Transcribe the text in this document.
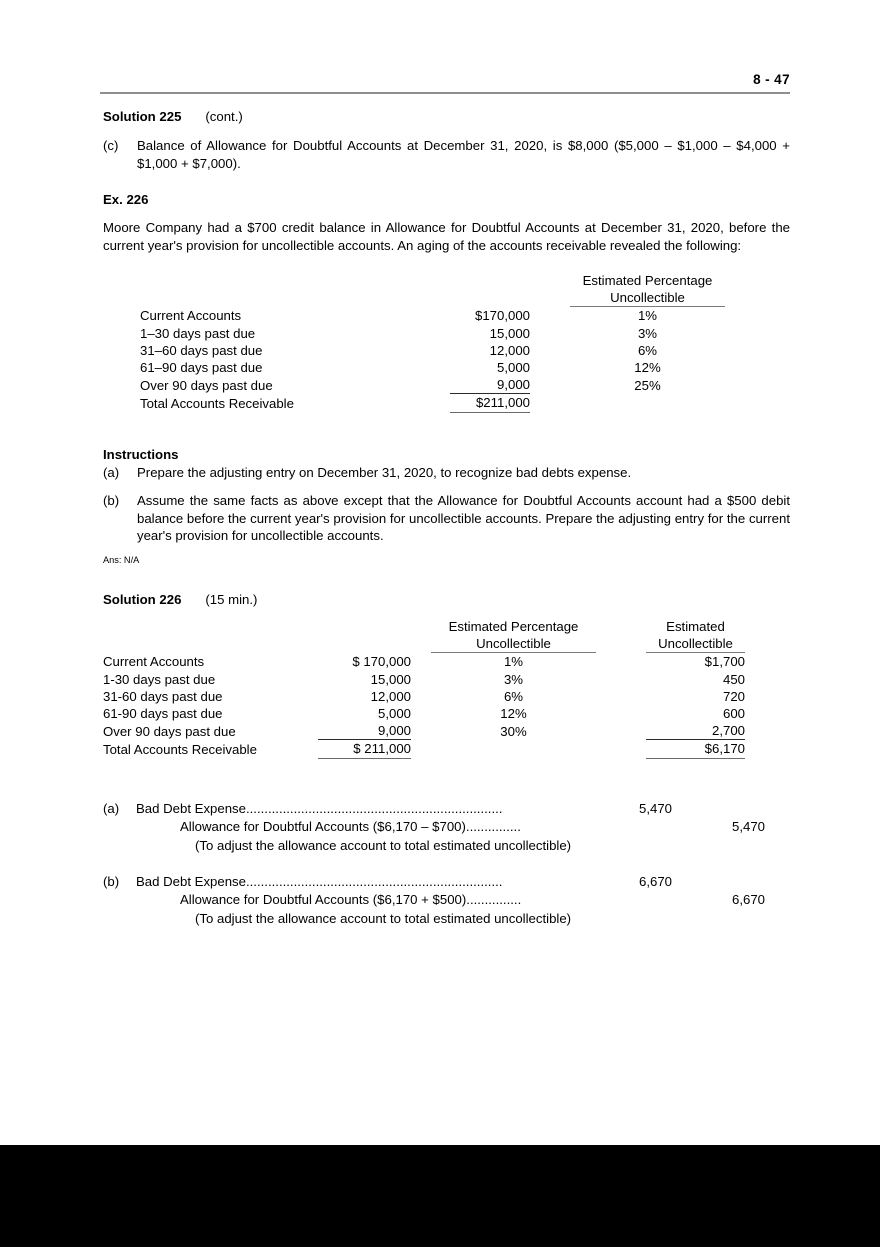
8 - 47
Solution 225 (cont.)
(c) Balance of Allowance for Doubtful Accounts at December 31, 2020, is $8,000 ($5,000 – $1,000 – $4,000 + $1,000 + $7,000).
Ex. 226
Moore Company had a $700 credit balance in Allowance for Doubtful Accounts at December 31, 2020, before the current year's provision for uncollectible accounts. An aging of the accounts receivable revealed the following:
			Estimated Percentage
			Uncollectible
Current Accounts	$170,000		1%
1–30 days past due	15,000		3%
31–60 days past due	12,000		6%
61–90 days past due	5,000		12%
Over 90 days past due	9,000		25%
Total Accounts Receivable	$211,000		
Instructions
(a) Prepare the adjusting entry on December 31, 2020, to recognize bad debts expense.
(b) Assume the same facts as above except that the Allowance for Doubtful Accounts account had a $500 debit balance before the current year's provision for uncollectible accounts. Prepare the adjusting entry for the current year's provision for uncollectible accounts.
Ans: N/A
Solution 226 (15 min.)
			Estimated Percentage		Estimated
			Uncollectible		Uncollectible
Current Accounts	$ 170,000		1%		$1,700
1-30 days past due	15,000		3%		450
31-60 days past due	12,000		6%		720
61-90 days past due	5,000		12%		600
Over 90 days past due	9,000		30%		2,700
Total Accounts Receivable	$ 211,000				$6,170
(a) Bad Debt Expense......................................................................	5,470
Allowance for Doubtful Accounts ($6,170 – $700)...............	5,470
(To adjust the allowance account to total estimated uncollectible)
(b) Bad Debt Expense......................................................................	6,670
Allowance for Doubtful Accounts ($6,170 + $500)...............	6,670
(To adjust the allowance account to total estimated uncollectible)
